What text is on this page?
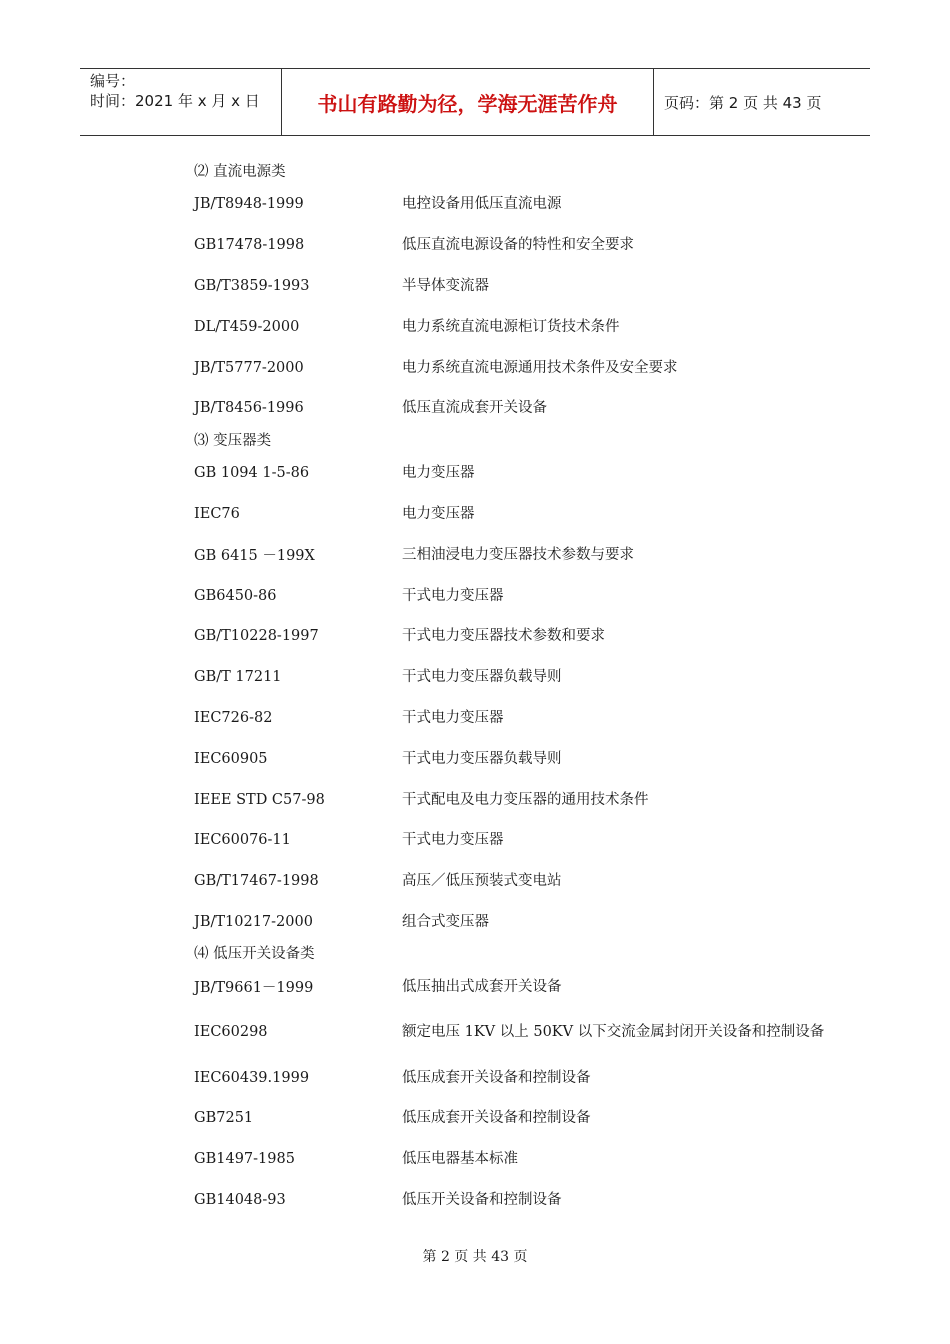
编号：
时间：2021 年 x 月 x 日	书山有路勤为径，学海无涯苦作舟	页码：第 2 页 共 43 页
⑵ 直流电源类
JB/T8948-1999	电控设备用低压直流电源
GB17478-1998	低压直流电源设备的特性和安全要求
GB/T3859-1993	半导体变流器
DL/T459-2000	电力系统直流电源柜订货技术条件
JB/T5777-2000	电力系统直流电源通用技术条件及安全要求
JB/T8456-1996	低压直流成套开关设备
⑶ 变压器类
GB 1094 1-5-86	电力变压器
IEC76	电力变压器
GB 6415 －199X	三相油浸电力变压器技术参数与要求
GB6450-86	干式电力变压器
GB/T10228-1997	干式电力变压器技术参数和要求
GB/T 17211	干式电力变压器负载导则
IEC726-82	干式电力变压器
IEC60905	干式电力变压器负载导则
IEEE STD C57-98	干式配电及电力变压器的通用技术条件
IEC60076-11	干式电力变压器
GB/T17467-1998	高压／低压预装式变电站
JB/T10217-2000	组合式变压器
⑷ 低压开关设备类
JB/T9661－1999	低压抽出式成套开关设备
IEC60298	额定电压 1KV 以上 50KV 以下交流金属封闭开关设备和控制设备
IEC60439.1999	低压成套开关设备和控制设备
GB7251	低压成套开关设备和控制设备
GB1497-1985	低压电器基本标准
GB14048-93	低压开关设备和控制设备
第 2 页 共 43 页
